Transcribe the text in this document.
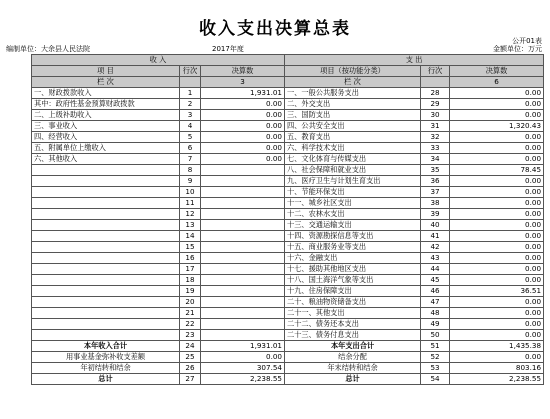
收入支出决算总表
公开01表
编制单位：大余县人民法院	2017年度	金额单位：万元
收 入			支 出		
项 目	行次	决算数	项目（按功能分类）	行次	决算数
栏 次		3	栏 次		6
一、财政拨款收入	1	1,931.01	一、一般公共服务支出	28	0.00
其中：政府性基金预算财政拨款	2	0.00	二、外交支出	29	0.00
二、上级补助收入	3	0.00	三、国防支出	30	0.00
三、事业收入	4	0.00	四、公共安全支出	31	1,320.43
四、经营收入	5	0.00	五、教育支出	32	0.00
五、附属单位上缴收入	6	0.00	六、科学技术支出	33	0.00
六、其他收入	7	0.00	七、文化体育与传媒支出	34	0.00
	8		八、社会保障和就业支出	35	78.45
	9		九、医疗卫生与计划生育支出	36	0.00
	10		十、节能环保支出	37	0.00
	11		十一、城乡社区支出	38	0.00
	12		十二、农林水支出	39	0.00
	13		十三、交通运输支出	40	0.00
	14		十四、资源勘探信息等支出	41	0.00
	15		十五、商业服务业等支出	42	0.00
	16		十六、金融支出	43	0.00
	17		十七、援助其他地区支出	44	0.00
	18		十八、国土海洋气象等支出	45	0.00
	19		十九、住房保障支出	46	36.51
	20		二十、粮油物资储备支出	47	0.00
	21		二十一、其他支出	48	0.00
	22		二十二、债务还本支出	49	0.00
	23		二十三、债务付息支出	50	0.00
本年收入合计	24	1,931.01	本年支出合计	51	1,435.38
用事业基金弥补收支差额	25	0.00	结余分配	52	0.00
年初结转和结余	26	307.54	年末结转和结余	53	803.16
总计	27	2,238.55	总计	54	2,238.55
